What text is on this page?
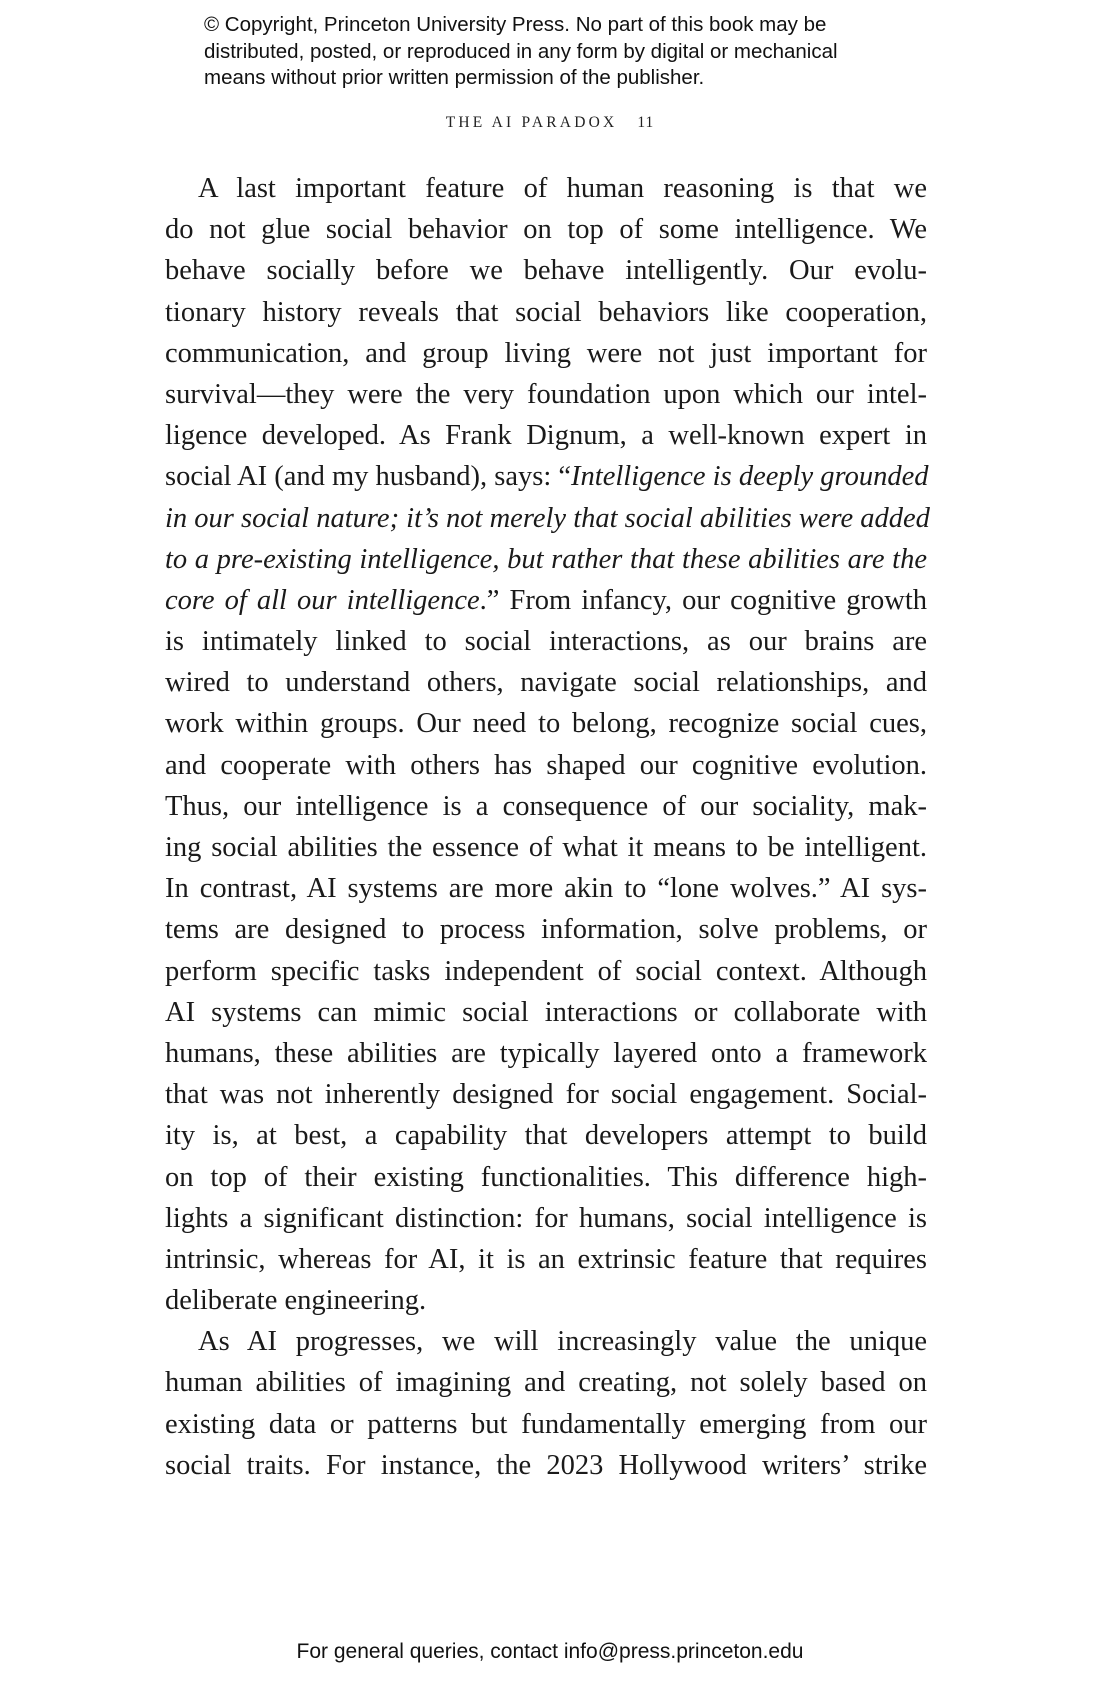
© Copyright, Princeton University Press. No part of this book may be
distributed, posted, or reproduced in any form by digital or mechanical
means without prior written permission of the publisher.
THE AI PARADOX 11
A last important feature of human reasoning is that we
do not glue social behavior on top of some intelligence. We
behave socially before we behave intelligently. Our evolu-
tionary history reveals that social behaviors like cooperation,
communication, and group living were not just important for
survival—they were the very foundation upon which our intel-
ligence developed. As Frank Dignum, a well-known expert in
social AI (and my husband), says: “Intelligence is deeply grounded
in our social nature; it’s not merely that social abilities were added
to a pre-existing intelligence, but rather that these abilities are the
core of all our intelligence.” From infancy, our cognitive growth
is intimately linked to social interactions, as our brains are
wired to understand others, navigate social relationships, and
work within groups. Our need to belong, recognize social cues,
and cooperate with others has shaped our cognitive evolution.
Thus, our intelligence is a consequence of our sociality, mak-
ing social abilities the essence of what it means to be intelligent.
In contrast, AI systems are more akin to “lone wolves.” AI sys-
tems are designed to process information, solve problems, or
perform specific tasks independent of social context. Although
AI systems can mimic social interactions or collaborate with
humans, these abilities are typically layered onto a framework
that was not inherently designed for social engagement. Social-
ity is, at best, a capability that developers attempt to build
on top of their existing functionalities. This difference high-
lights a significant distinction: for humans, social intelligence is
intrinsic, whereas for AI, it is an extrinsic feature that requires
deliberate engineering.
As AI progresses, we will increasingly value the unique
human abilities of imagining and creating, not solely based on
existing data or patterns but fundamentally emerging from our
social traits. For instance, the 2023 Hollywood writers’ strike
For general queries, contact info@press.princeton.edu
